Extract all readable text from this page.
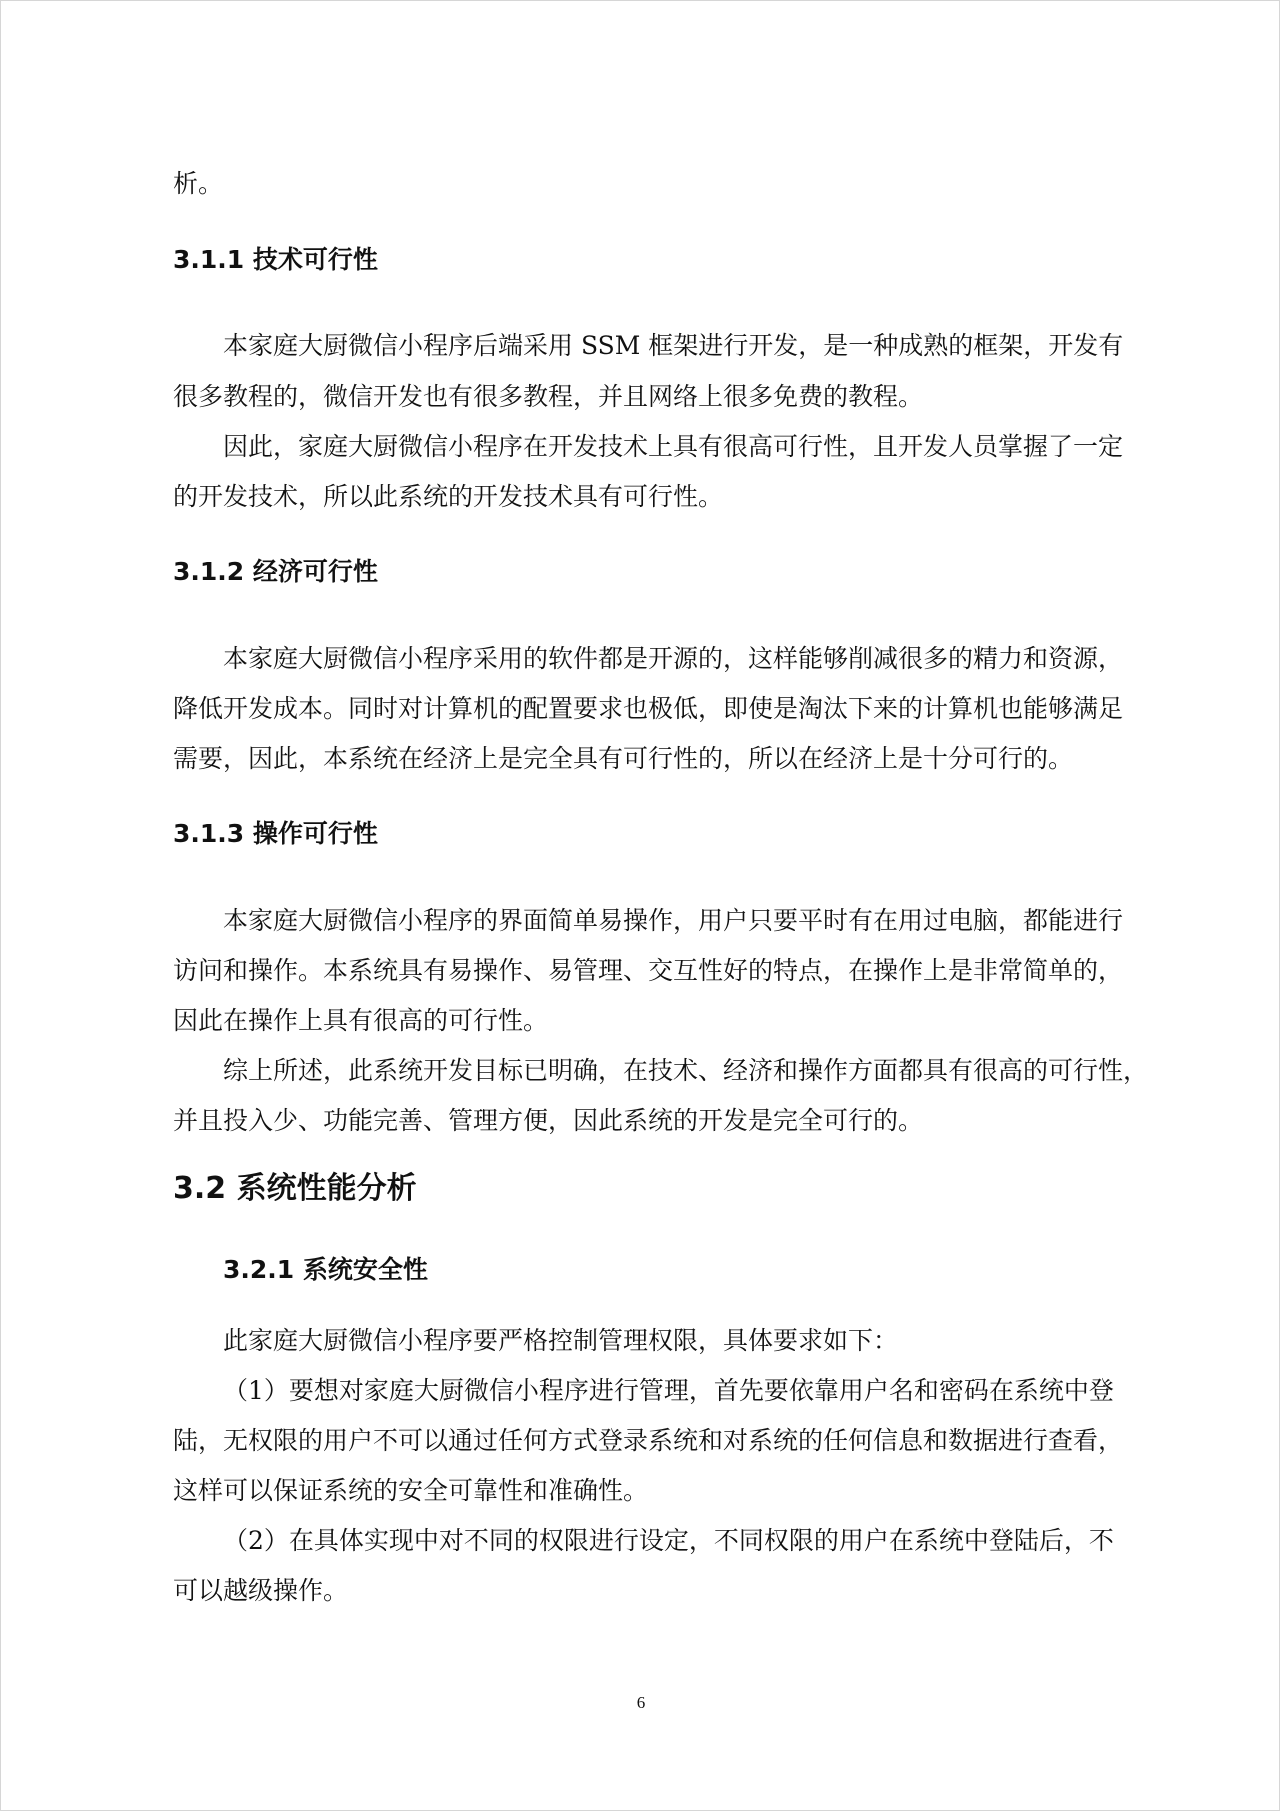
析。
3.1.1 技术可行性
本家庭大厨微信小程序后端采用 SSM 框架进行开发，是一种成熟的框架，开发有
很多教程的，微信开发也有很多教程，并且网络上很多免费的教程。
因此，家庭大厨微信小程序在开发技术上具有很高可行性，且开发人员掌握了一定
的开发技术，所以此系统的开发技术具有可行性。
3.1.2 经济可行性
本家庭大厨微信小程序采用的软件都是开源的，这样能够削减很多的精力和资源，
降低开发成本。同时对计算机的配置要求也极低，即使是淘汰下来的计算机也能够满足
需要，因此，本系统在经济上是完全具有可行性的，所以在经济上是十分可行的。
3.1.3 操作可行性
本家庭大厨微信小程序的界面简单易操作，用户只要平时有在用过电脑，都能进行
访问和操作。本系统具有易操作、易管理、交互性好的特点，在操作上是非常简单的，
因此在操作上具有很高的可行性。
综上所述，此系统开发目标已明确，在技术、经济和操作方面都具有很高的可行性，
并且投入少、功能完善、管理方便，因此系统的开发是完全可行的。
3.2 系统性能分析
3.2.1 系统安全性
此家庭大厨微信小程序要严格控制管理权限，具体要求如下：
（1）要想对家庭大厨微信小程序进行管理，首先要依靠用户名和密码在系统中登
陆，无权限的用户不可以通过任何方式登录系统和对系统的任何信息和数据进行查看，
这样可以保证系统的安全可靠性和准确性。
（2）在具体实现中对不同的权限进行设定，不同权限的用户在系统中登陆后，不
可以越级操作。
6
